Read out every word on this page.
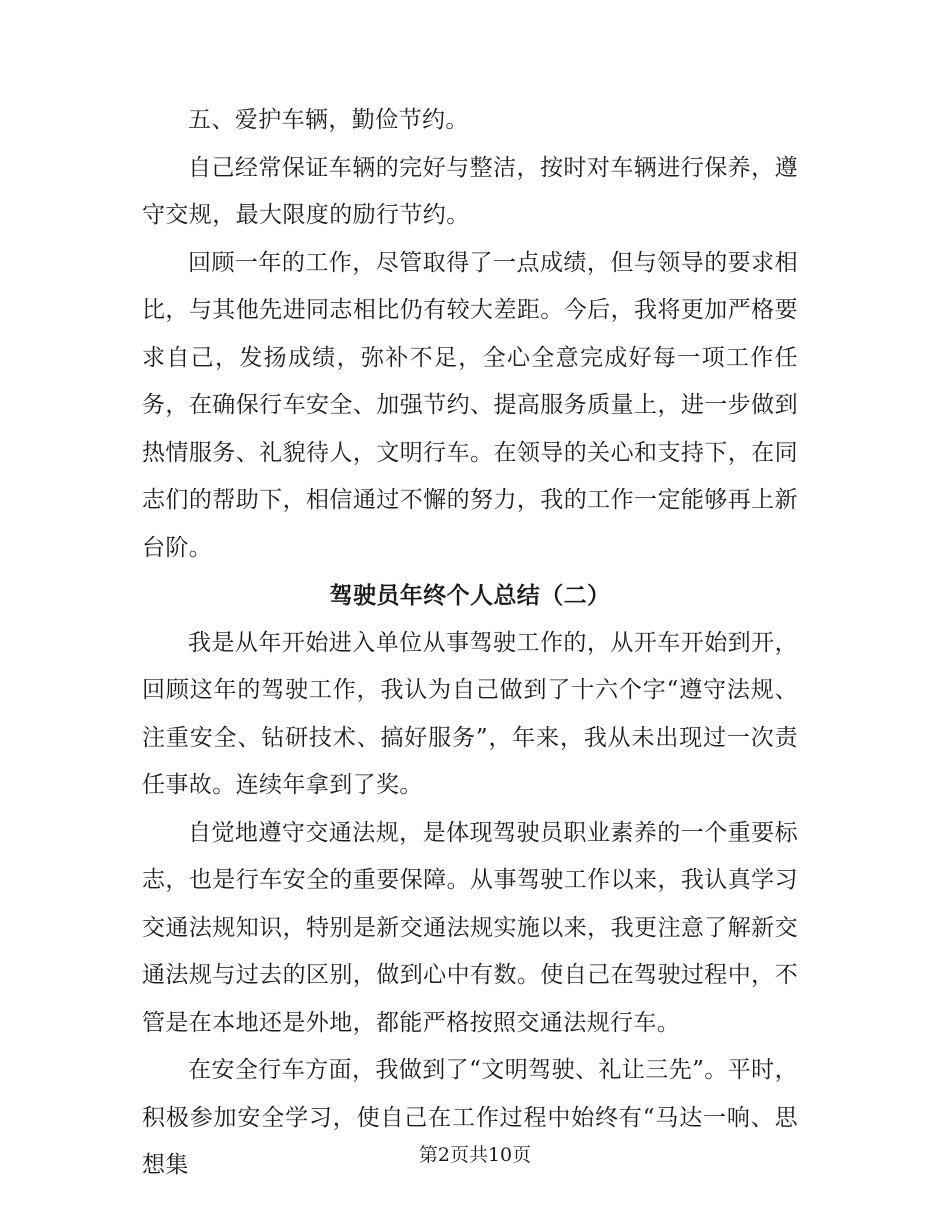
五、爱护车辆，勤俭节约。

自己经常保证车辆的完好与整洁，按时对车辆进行保养，遵守交规，最大限度的励行节约。

回顾一年的工作，尽管取得了一点成绩，但与领导的要求相比，与其他先进同志相比仍有较大差距。今后，我将更加严格要求自己，发扬成绩，弥补不足，全心全意完成好每一项工作任务，在确保行车安全、加强节约、提高服务质量上，进一步做到热情服务、礼貌待人，文明行车。在领导的关心和支持下，在同志们的帮助下，相信通过不懈的努力，我的工作一定能够再上新台阶。

驾驶员年终个人总结（二）

我是从年开始进入单位从事驾驶工作的，从开车开始到开，回顾这年的驾驶工作，我认为自己做到了十六个字“遵守法规、注重安全、钻研技术、搞好服务”，年来，我从未出现过一次责任事故。连续年拿到了奖。

自觉地遵守交通法规，是体现驾驶员职业素养的一个重要标志，也是行车安全的重要保障。从事驾驶工作以来，我认真学习交通法规知识，特别是新交通法规实施以来，我更注意了解新交通法规与过去的区别，做到心中有数。使自己在驾驶过程中，不管是在本地还是外地，都能严格按照交通法规行车。

在安全行车方面，我做到了“文明驾驶、礼让三先”。平时，积极参加安全学习，使自己在工作过程中始终有“马达一响、思想集	第2页共10页
